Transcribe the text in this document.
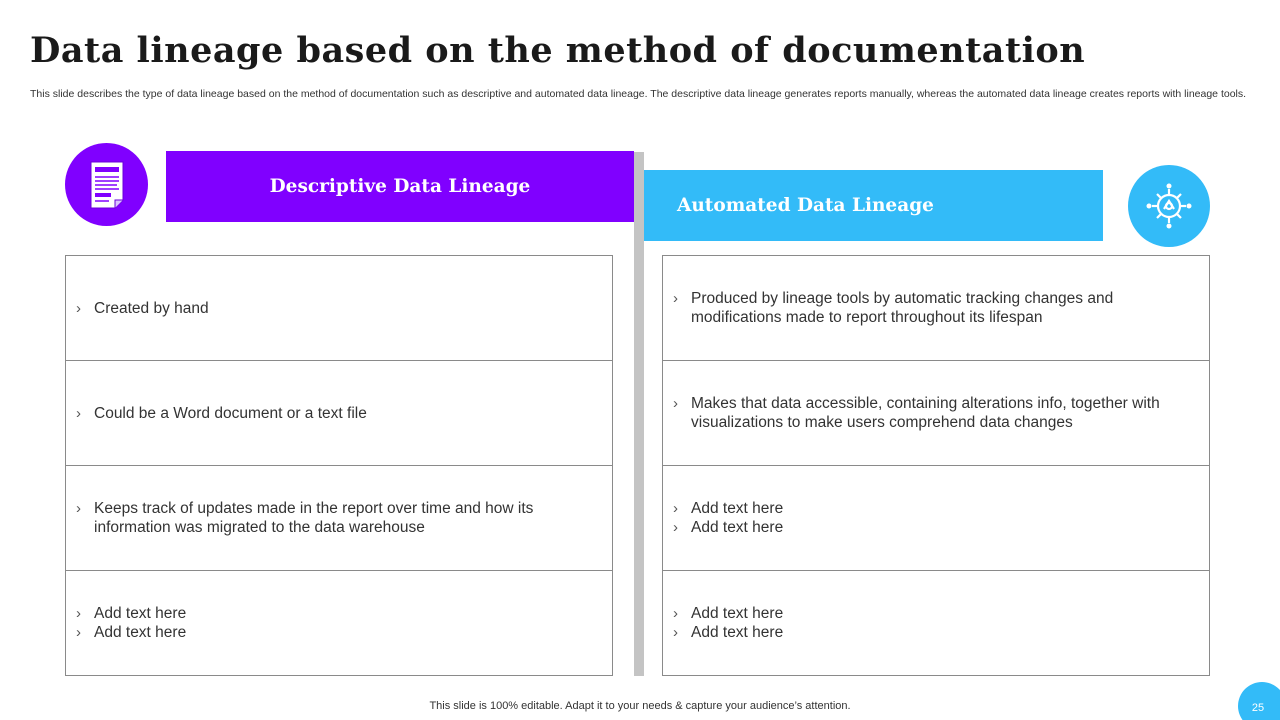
Data lineage based on the method of documentation

This slide describes the type of data lineage based on the method of documentation such as descriptive and automated data lineage. The descriptive data lineage generates reports manually, whereas the automated data lineage creates reports with lineage tools.

Descriptive Data Lineage
Automated Data Lineage
› Created by hand
› Could be a Word document or a text file
› Keeps track of updates made in the report over time and how its information was migrated to the data warehouse
› Add text here
› Add text here
› Produced by lineage tools by automatic tracking changes and modifications made to report throughout its lifespan
› Makes that data accessible, containing alterations info, together with visualizations to make users comprehend data changes
› Add text here
› Add text here
› Add text here
› Add text here
This slide is 100% editable. Adapt it to your needs & capture your audience’s attention.	25
